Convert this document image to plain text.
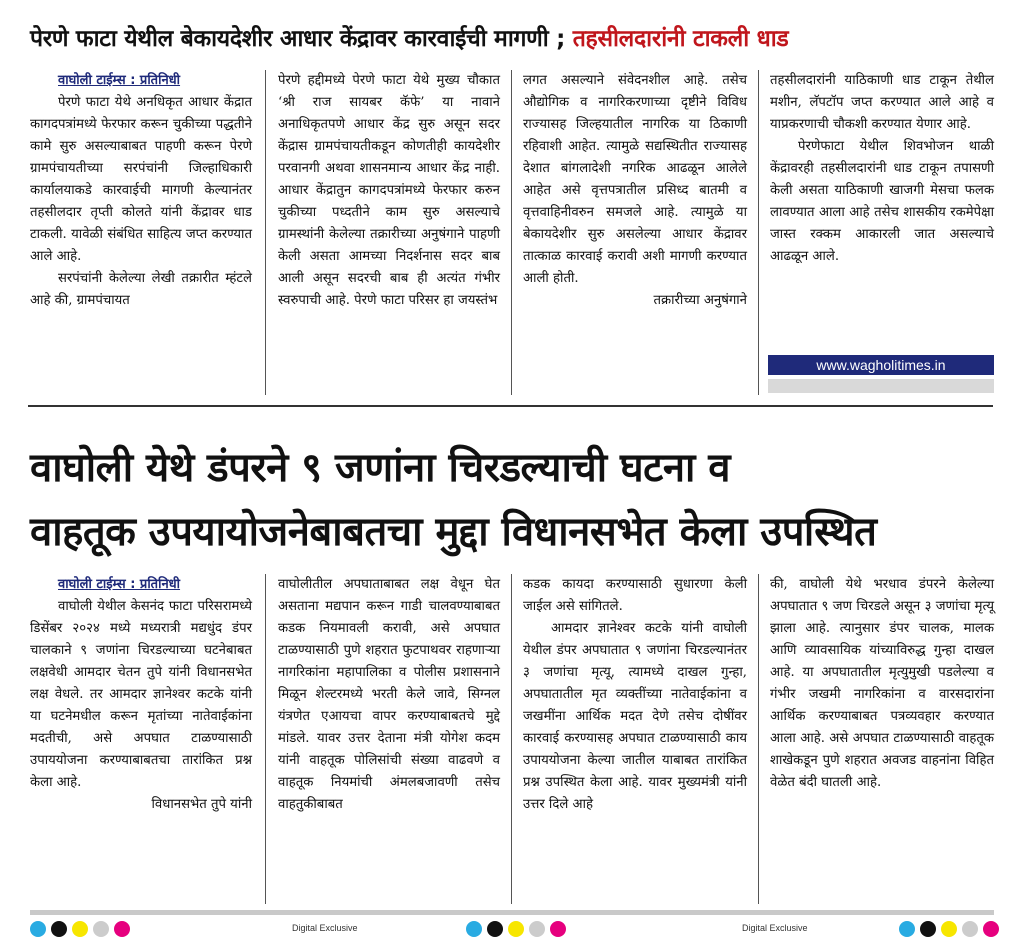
पेरणे फाटा येथील बेकायदेशीर आधार केंद्रावर कारवाईची मागणी ; तहसीलदारांनी टाकली धाड
वाघोली टाईम्स : प्रतिनिधी

पेरणे फाटा येथे अनधिकृत आधार केंद्रात कागदपत्रांमध्ये फेरफार करून चुकीच्या पद्धतीने कामे सुरु असल्याबाबत पाहणी करून पेरणे ग्रामपंचायतीच्या सरपंचांनी जिल्हाधिकारी कार्यालयाकडे कारवाईची मागणी केल्यानंतर तहसीलदार तृप्ती कोलते यांनी केंद्रावर धाड टाकली. यावेळी संबंधित साहित्य जप्त करण्यात आले आहे.

सरपंचांनी केलेल्या लेखी तक्रारीत म्हंटले आहे की, ग्रामपंचायत

पेरणे हद्दीमध्ये पेरणे फाटा येथे मुख्य चौकात ‘श्री राज सायबर कॅफे’ या नावाने अनाधिकृतपणे आधार केंद्र सुरु असून सदर केंद्रास ग्रामपंचायतीकडून कोणतीही कायदेशीर परवानगी अथवा शासनमान्य आधार केंद्र नाही. आधार केंद्रातुन कागदपत्रांमध्ये फेरफार करुन चुकीच्या पध्दतीने काम सुरु असल्याचे ग्रामस्थांनी केलेल्या तक्रारीच्या अनुषंगाने पाहणी केली असता आमच्या निदर्शनास सदर बाब आली असून सदरची बाब ही अत्यंत गंभीर स्वरुपाची आहे. पेरणे फाटा परिसर हा जयस्तंभ

लगत असल्याने संवेदनशील आहे. तसेच औद्योगिक व नागरिकरणाच्या दृष्टीने विविध राज्यासह जिल्हयातील नागरिक या ठिकाणी रहिवाशी आहेत. त्यामुळे सद्यस्थितीत राज्यासह देशात बांगलादेशी नगरिक आढळून आलेले आहेत असे वृत्तपत्रातील प्रसिध्द बातमी व वृत्तवाहिनीवरुन समजले आहे. त्यामुळे या बेकायदेशीर सुरु असलेल्या आधार केंद्रावर तात्काळ कारवाई करावी अशी मागणी करण्यात आली होती.

तक्रारीच्या अनुषंगाने

तहसीलदारांनी याठिकाणी धाड टाकून तेथील मशीन, लॅपटॉप जप्त करण्यात आले आहे व याप्रकरणाची चौकशी करण्यात येणार आहे.

पेरणेफाटा येथील शिवभोजन थाळी केंद्रावरही तहसीलदारांनी धाड टाकून तपासणी केली असता याठिकाणी खाजगी मेसचा फलक लावण्यात आला आहे तसेच शासकीय रकमेपेक्षा जास्त रक्कम आकारली जात असल्याचे आढळून आले.

www.wagholitimes.in
वाघोली येथे डंपरने ९ जणांना चिरडल्याची घटना व
वाहतूक उपयायोजनेबाबतचा मुद्दा विधानसभेत केला उपस्थित
वाघोली टाईम्स : प्रतिनिधी

वाघोली येथील केसनंद फाटा परिसरामध्ये डिसेंबर २०२४ मध्ये मध्यरात्री मद्यधुंद डंपर चालकाने ९ जणांना चिरडल्याच्या घटनेबाबत लक्षवेधी आमदार चेतन तुपे यांनी विधानसभेत लक्ष वेधले. तर आमदार ज्ञानेश्वर कटके यांनी या घटनेमधील करून मृतांच्या नातेवाईकांना मदतीची, असे अपघात टाळण्यासाठी उपाययोजना करण्याबाबतचा तारांकित प्रश्न केला आहे.

विधानसभेत तुपे यांनी

वाघोलीतील अपघाताबाबत लक्ष वेधून घेत असताना मद्यपान करून गाडी चालवण्याबाबत कडक नियमावली करावी, असे अपघात टाळण्यासाठी पुणे शहरात फुटपाथवर राहणाऱ्या नागरिकांना महापालिका व पोलीस प्रशासनाने मिळून शेल्टरमध्ये भरती केले जावे, सिग्नल यंत्रणेत एआयचा वापर करण्याबाबतचे मुद्दे मांडले. यावर उत्तर देताना मंत्री योगेश कदम यांनी वाहतूक पोलिसांची संख्या वाढवणे व वाहतूक नियमांची अंमलबजावणी तसेच वाहतुकीबाबत

कडक कायदा करण्यासाठी सुधारणा केली जाईल असे सांगितले.

आमदार ज्ञानेश्वर कटके यांनी वाघोली येथील डंपर अपघातात ९ जणांना चिरडल्यानंतर ३ जणांचा मृत्यू, त्यामध्ये दाखल गुन्हा, अपघातातील मृत व्यक्तींच्या नातेवाईकांना व जखमींना आर्थिक मदत देणे तसेच दोषींवर कारवाई करण्यासह अपघात टाळण्यासाठी काय उपाययोजना केल्या जातील याबाबत तारांकित प्रश्न उपस्थित केला आहे. यावर मुख्यमंत्री यांनी उत्तर दिले आहे

की, वाघोली येथे भरधाव डंपरने केलेल्या अपघातात ९ जण चिरडले असून ३ जणांचा मृत्यू झाला आहे. त्यानुसार डंपर चालक, मालक आणि व्यावसायिक यांच्याविरुद्ध गुन्हा दाखल आहे. या अपघातातील मृत्युमुखी पडलेल्या व गंभीर जखमी नागरिकांना व वारसदारांना आर्थिक करण्याबाबत पत्रव्यवहार करण्यात आला आहे. असे अपघात टाळण्यासाठी वाहतूक शाखेकडून पुणे शहरात अवजड वाहनांना विहित वेळेत बंदी घातली आहे.

Digital Exclusive	Digital Exclusive
